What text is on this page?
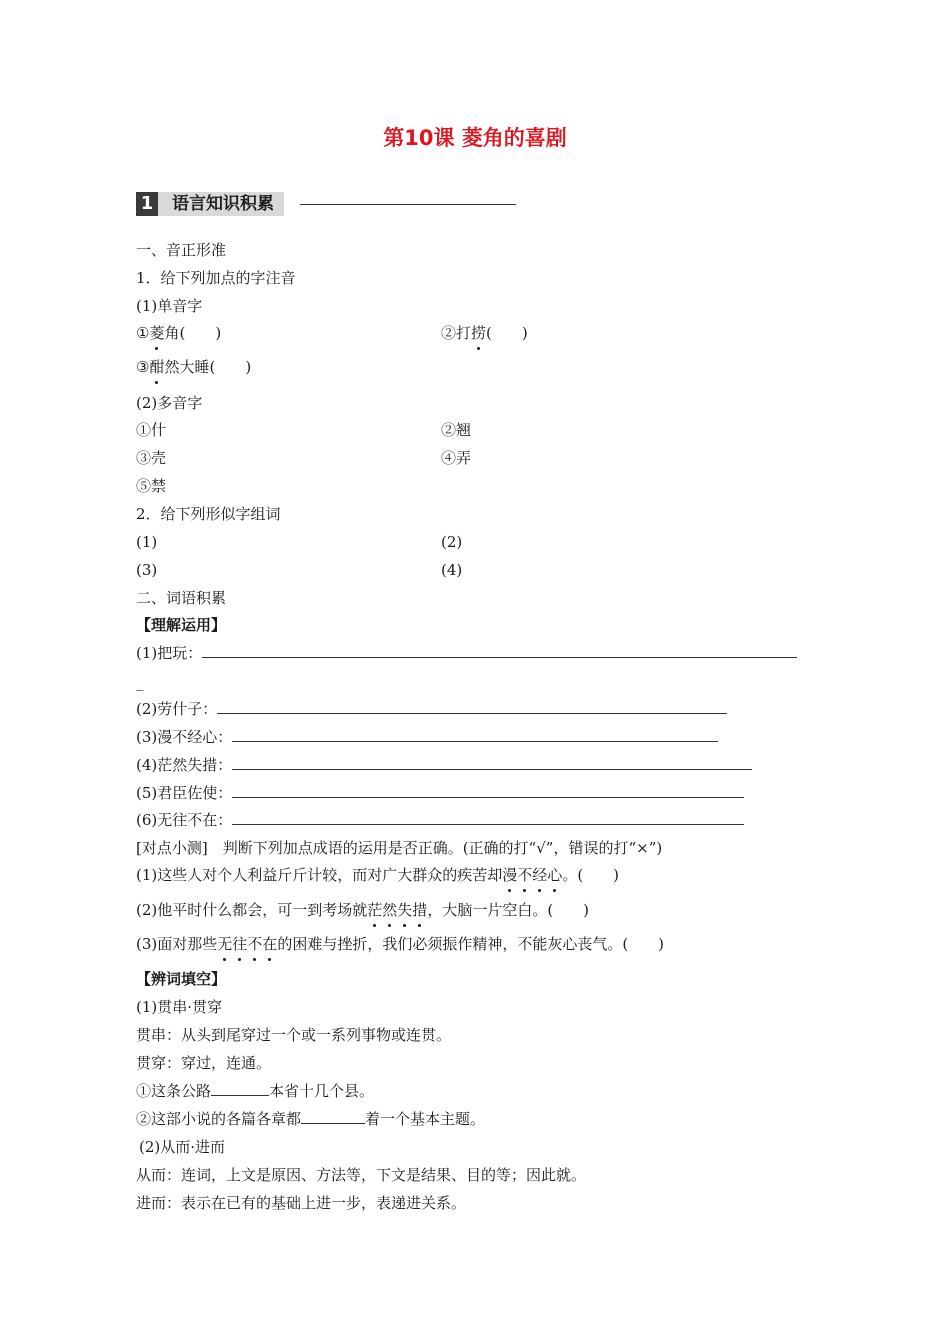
第10课 菱角的喜剧
1	语言知识积累
一、音正形准
1．给下列加点的字注音
(1)单音字
①菱角(　　)	②打捞(　　)
③酣然大睡(　　)
(2)多音字
①什	②翘
③壳	④弄
⑤禁
2．给下列形似字组词
(1)	(2)
(3)	(4)
二、词语积累
【理解运用】
(1)把玩：
_
(2)劳什子：
(3)漫不经心：
(4)茫然失措：
(5)君臣佐使：
(6)无往不在：
[对点小测]　判断下列加点成语的运用是否正确。(正确的打“√”，错误的打“×”)
(1)这些人对个人利益斤斤计较，而对广大群众的疾苦却漫不经心。(　　)
(2)他平时什么都会，可一到考场就茫然失措，大脑一片空白。(　　)
(3)面对那些无往不在的困难与挫折，我们必须振作精神，不能灰心丧气。(　　)
【辨词填空】
(1)贯串·贯穿
贯串：从头到尾穿过一个或一系列事物或连贯。
贯穿：穿过，连通。
①这条公路	本省十几个县。
②这部小说的各篇各章都	着一个基本主题。
(2)从而·进而
从而：连词，上文是原因、方法等，下文是结果、目的等；因此就。
进而：表示在已有的基础上进一步，表递进关系。
